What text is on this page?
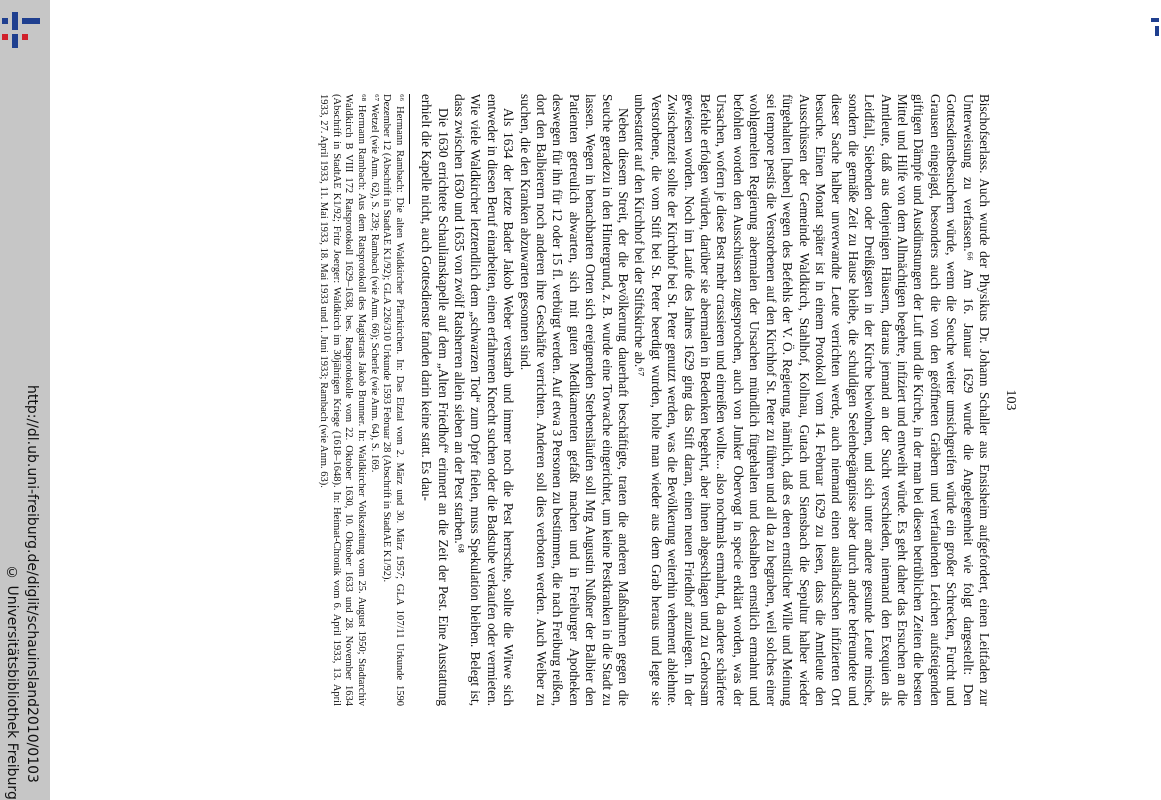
http://dl.ub.uni-freiburg.de/diglit/schauinsland2010/0103
© Universitätsbibliothek Freiburg
103

Bischofserlass. Auch wurde der Physikus Dr. Johann Schaller aus Ensisheim aufgefordert, einen Leitfaden zur Unterweisung zu verfassen.⁶⁶ Am 16. Januar 1629 wurde die Angelegenheit wie folgt dargestellt: Den Gottesdienstbesuchern würde, wenn die Seuche weiter umsichgreifen würde ein großer Schrecken, Furcht und Grausen eingejagd, besonders auch die von den geöffneten Gräbern und verfaulenden Leichen aufsteigenden giftigen Dämpfe und Ausdünstungen der Luft und die Kirche, in der man bei diesen betrüblichen Zeiten die besten Mittel und Hilfe von dem Allmächtigen begehre, infiziert und entweiht würde. Es geht daher das Ersuchen an die Amtleute, daß aus denjenigen Häusern, daraus jemand an der Sucht verschieden, niemand den Exequien als Leidfall, Siebenden oder Dreißigsten in der Kirche beiwohnen, und sich unter andere gesunde Leute mische, sondern die gemäße Zeit zu Hause bleibe, die schuldigen Seelenbegängnisse aber durch andere befreundete und dieser Sache halber unverwandte Leute verrichten werde, auch niemand einen ausländischen infizierten Ort besuche. Einen Monat später ist in einem Protokoll vom 14. Februar 1629 zu lesen, dass die Amtleute den Ausschüssen der Gemeinde Waldkirch, Stahlhof, Kollnau, Gutach und Siensbach die Sepultur halber wieder fürgehalten [haben] wegen des Befehls der V. Ö. Regierung, nämlich, daß es deren ernstlicher Wille und Meinung sei tempore pestis die Verstorbenen auf den Kirchhof St. Peter zu führen und all da zu begraben, weil solches einer wohlgemelten Regierung abermalen der Ursachen mündlich fürgehalten und deshalben ernstlich ermahnt und befohlen worden den Ausschüssen zugesprochen, auch von Junker Obervogt in specie erklärt worden, was der Ursachen, wofern je diese Best mehr crassieren und einreißen wollte... also nochmals ermahnt, da andere schärfere Befehle erfolgen würden, darüber sie abermalen in Bedenken begehrt, aber ihnen abgeschlagen und zu Gehorsam gewiesen worden. Noch im Laufe des Jahres 1629 ging das Stift daran, einen neuen Friedhof anzulegen. In der Zwischenzeit sollte der Kirchhof bei St. Peter genutzt werden, was die Bevölkerung weiterhin vehement ablehnte. Verstorbene, die vom Stift bei St. Peter beerdigt wurden, holte man wieder aus dem Grab heraus und legte sie unbestattet auf den Kirchhof bei der Stiftskirche ab.⁶⁷

Neben diesem Streit, der die Bevölkerung dauerhaft beschäftigte, traten die anderen Maßnahmen gegen die Seuche geradezu in den Hintergrund, z. B. wurde eine Torwache eingerichtet, um keine Pestkranken in die Stadt zu lassen. Wegen in benachbarten Orten sich ereignenden Sterbensläufen soll Mrg Augustin Nußner der Balbier den Patienten getreulich abwarten, sich mit guten Medikamenten gefaßt machen und in Freiburger Apotheken deswegen für ihn für 12 oder 15 fl. verbürgt werden. Auf etwa 3 Personen zu bestimmen, die nach Freiburg reißen, dort den Balbierern noch anderen ihre Geschäfte verrichten. Anderen soll dies verboten werden. Auch Weiber zu suchen, die den Kranken abzuwarten gesonnen sind.

Als 1634 der letzte Bader Jakob Weber verstarb und immer noch die Pest herrschte, sollte die Witwe sich entweder in diesen Beruf einarbeiten, einen erfahrenen Knecht suchen oder die Badstube verkaufen oder vermieten. Wie viele Waldkircher letztendlich dem „schwarzen Tod“ zum Opfer fielen, muss Spekulation bleiben. Belegt ist, dass zwischen 1630 und 1635 von zwölf Ratsherren allein sieben an der Pest starben.⁶⁸

Die 1630 errichtete Schaulianskapelle auf dem „Alten Friedhof“ erinnert an die Zeit der Pest. Eine Ausstattung erhielt die Kapelle nicht, auch Gottesdienste fanden darin keine statt. Es dau-

⁶⁶ Hermann Rambach: Die alten Waldkircher Pfarrkirchen. In: Das Elztal vom 2. März und 30. März 1957; GLA 107/11 Urkunde 1590 Dezember 12 (Abschrift in StadtAE K1/92); GLA 226/310 Urkunde 1593 Februar 28 (Abschrift in StadtAE K1/92).

⁶⁷ Wetzel (wie Anm. 62), S. 239; Rambach (wie Anm. 66); Scherle (wie Anm. 64), S. 169.

⁶⁸ Hermann Rambach: Aus dem Ratsprotokoll des Magistrats Jakob Brunner. In: Waldkircher Volkszeitung vom 25. August 1950; Stadtarchiv Waldkirch B VIII 172 Ratsprotokoll 1629–1638, bes. Ratsprotokolle vom 22. Oktober 1630, 10. Oktober 1633 und 28. November 1634 (Abschrift in StadtAE K1/92; Fritz Joerger: Waldkirch im 30jährigen Kriege (1618–1648). In: Heimat-Chronik vom 6. April 1933, 13. April 1933, 27. April 1933, 11. Mai 1933, 18. Mai 1933 und 1. Juni 1933; Rambach (wie Anm. 63).
